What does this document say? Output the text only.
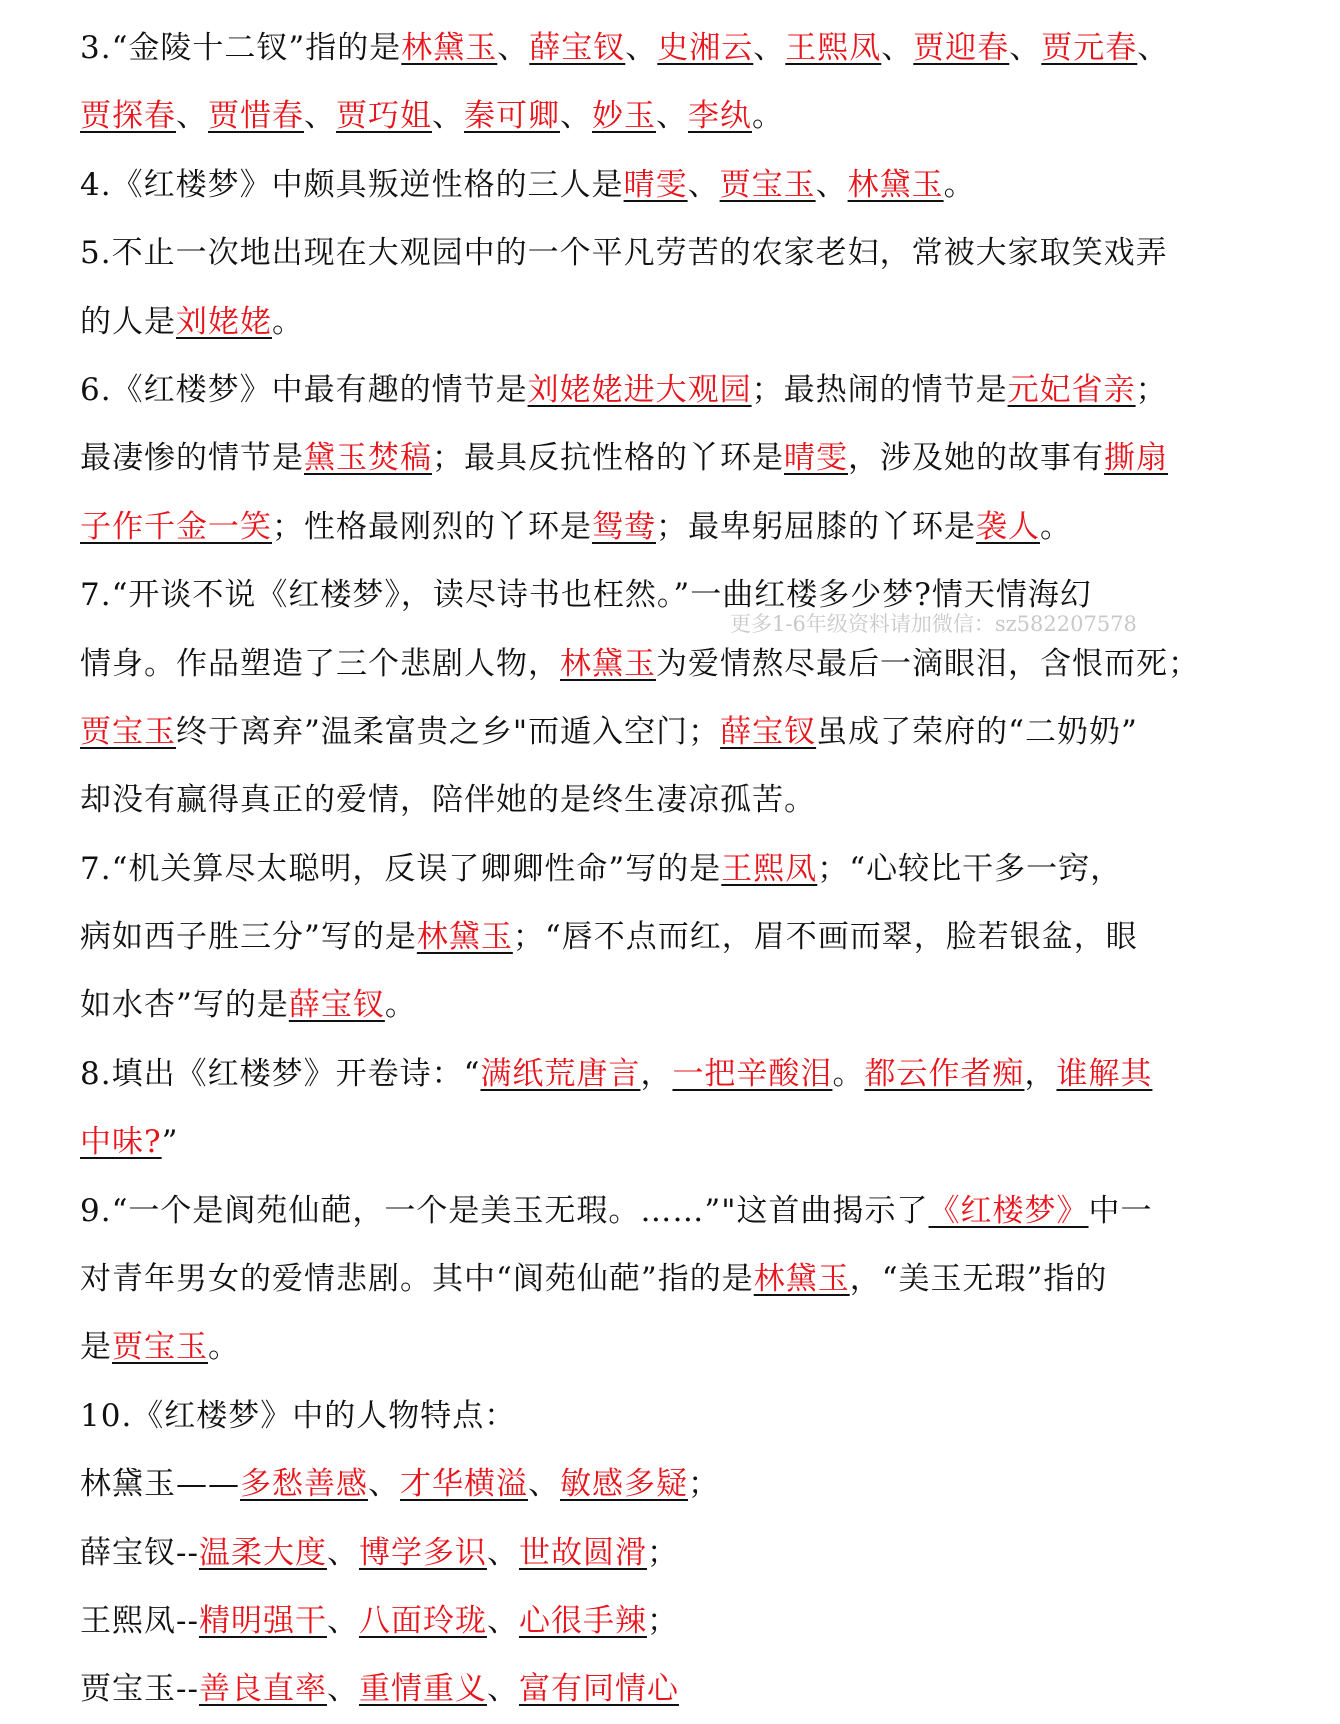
3.“金陵十二钗”指的是林黛玉、薛宝钗、史湘云、王熙凤、贾迎春、贾元春、
贾探春、贾惜春、贾巧姐、秦可卿、妙玉、李纨。
4.《红楼梦》中颇具叛逆性格的三人是晴雯、贾宝玉、林黛玉。
5.不止一次地出现在大观园中的一个平凡劳苦的农家老妇，常被大家取笑戏弄
的人是刘姥姥。
6.《红楼梦》中最有趣的情节是刘姥姥进大观园；最热闹的情节是元妃省亲；
最凄惨的情节是黛玉焚稿；最具反抗性格的丫环是晴雯，涉及她的故事有撕扇
子作千金一笑；性格最刚烈的丫环是鸳鸯；最卑躬屈膝的丫环是袭人。
7.“开谈不说《红楼梦》，读尽诗书也枉然。”一曲红楼多少梦?情天情海幻
情身。作品塑造了三个悲剧人物，林黛玉为爱情熬尽最后一滴眼泪，含恨而死；
贾宝玉终于离弃”温柔富贵之乡"而遁入空门；薛宝钗虽成了荣府的“二奶奶”
却没有赢得真正的爱情，陪伴她的是终生凄凉孤苦。
7.“机关算尽太聪明，反误了卿卿性命”写的是王熙凤；“心较比干多一窍，
病如西子胜三分”写的是林黛玉；“唇不点而红，眉不画而翠，脸若银盆，眼
如水杏”写的是薛宝钗。
8.填出《红楼梦》开卷诗：“满纸荒唐言，一把辛酸泪。都云作者痴，谁解其
中味?”
9.“一个是阆苑仙葩，一个是美玉无瑕。……”"这首曲揭示了《红楼梦》中一
对青年男女的爱情悲剧。其中“阆苑仙葩”指的是林黛玉，“美玉无瑕”指的
是贾宝玉。
10.《红楼梦》中的人物特点：
林黛玉——多愁善感、才华横溢、敏感多疑；
薛宝钗--温柔大度、博学多识、世故圆滑；
王熙凤--精明强干、八面玲珑、心很手辣；
贾宝玉--善良直率、重情重义、富有同情心
更多1-6年级资料请加微信：sz582207578
